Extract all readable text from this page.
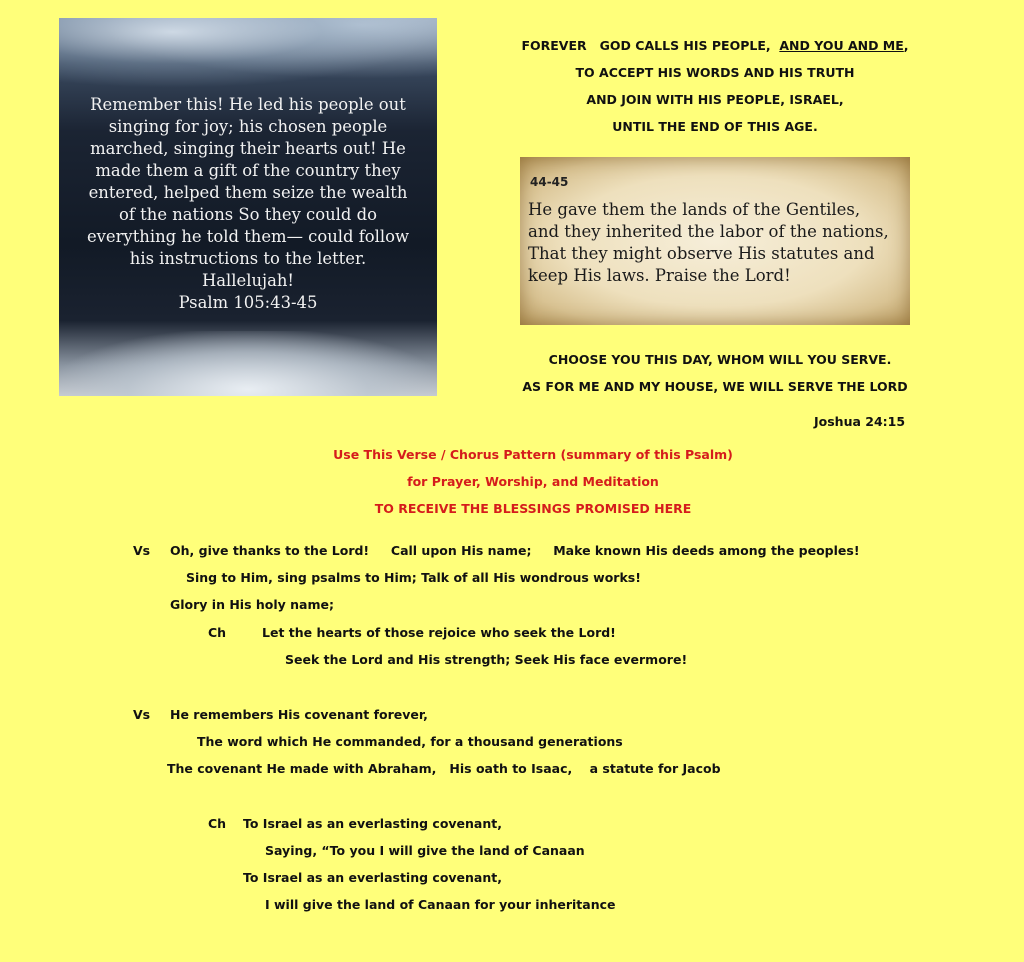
Remember this! He led his people out
singing for joy; his chosen people
marched, singing their hearts out! He
made them a gift of the country they
entered, helped them seize the wealth
of the nations So they could do
everything he told them— could follow
his instructions to the letter.
Hallelujah!
Psalm 105:43-45
FOREVER   GOD CALLS HIS PEOPLE,  AND YOU AND ME,
TO ACCEPT HIS WORDS AND HIS TRUTH
AND JOIN WITH HIS PEOPLE, ISRAEL,
UNTIL THE END OF THIS AGE.
44-45
He gave them the lands of the Gentiles,
and they inherited the labor of the nations,
That they might observe His statutes and
keep His laws. Praise the Lord!
CHOOSE YOU THIS DAY, WHOM WILL YOU SERVE.
AS FOR ME AND MY HOUSE, WE WILL SERVE THE LORD
Joshua 24:15
Use This Verse / Chorus Pattern (summary of this Psalm)
for Prayer, Worship, and Meditation
TO RECEIVE THE BLESSINGS PROMISED HERE
Vs Oh, give thanks to the Lord!     Call upon His name;     Make known His deeds among the peoples!
Sing to Him, sing psalms to Him; Talk of all His wondrous works!
Glory in His holy name;
Ch	Let the hearts of those rejoice who seek the Lord!
Seek the Lord and His strength; Seek His face evermore!
Vs He remembers His covenant forever,
The word which He commanded, for a thousand generations
The covenant He made with Abraham,   His oath to Isaac,    a statute for Jacob
Ch To Israel as an everlasting covenant,
Saying, “To you I will give the land of Canaan
To Israel as an everlasting covenant,
I will give the land of Canaan for your inheritance
